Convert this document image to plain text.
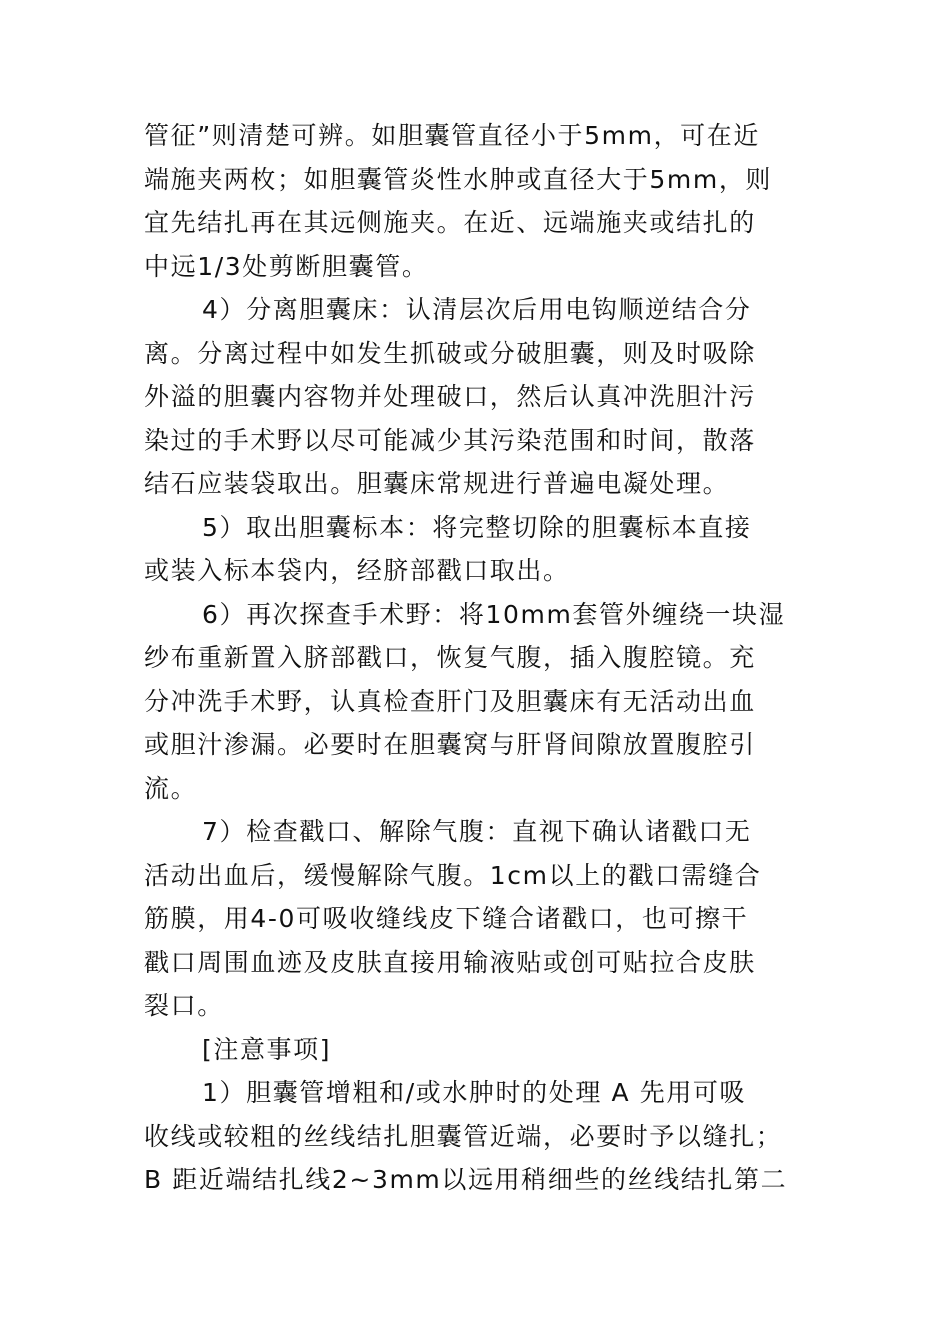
管征”则清楚可辨。如胆囊管直径小于5mm，可在近
端施夹两枚；如胆囊管炎性水肿或直径大于5mm，则
宜先结扎再在其远侧施夹。在近、远端施夹或结扎的
中远1/3处剪断胆囊管。
4）分离胆囊床：认清层次后用电钩顺逆结合分
离。分离过程中如发生抓破或分破胆囊，则及时吸除
外溢的胆囊内容物并处理破口，然后认真冲洗胆汁污
染过的手术野以尽可能减少其污染范围和时间，散落
结石应装袋取出。胆囊床常规进行普遍电凝处理。
5）取出胆囊标本：将完整切除的胆囊标本直接
或装入标本袋内，经脐部戳口取出。
6）再次探查手术野：将10mm套管外缠绕一块湿
纱布重新置入脐部戳口，恢复气腹，插入腹腔镜。充
分冲洗手术野，认真检查肝门及胆囊床有无活动出血
或胆汁渗漏。必要时在胆囊窝与肝肾间隙放置腹腔引
流。
7）检查戳口、解除气腹：直视下确认诸戳口无
活动出血后，缓慢解除气腹。1cm以上的戳口需缝合
筋膜，用4-0可吸收缝线皮下缝合诸戳口，也可擦干
戳口周围血迹及皮肤直接用输液贴或创可贴拉合皮肤
裂口。
[注意事项]
1）胆囊管增粗和/或水肿时的处理 A 先用可吸
收线或较粗的丝线结扎胆囊管近端，必要时予以缝扎；
B 距近端结扎线2~3mm以远用稍细些的丝线结扎第二
